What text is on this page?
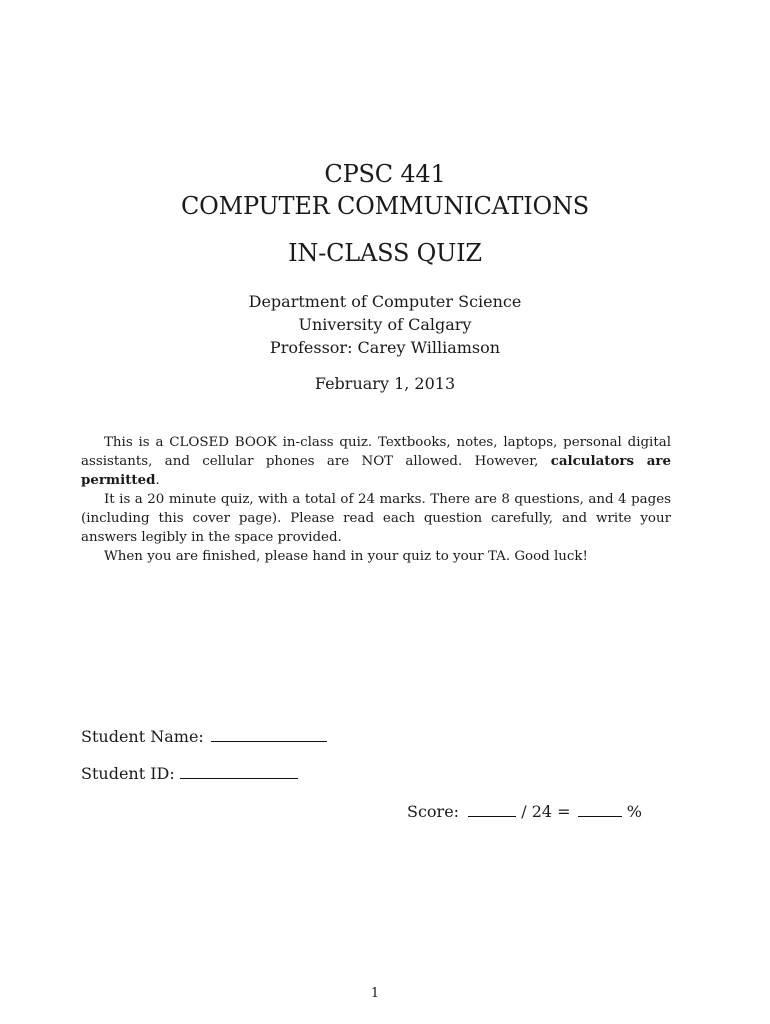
CPSC 441
COMPUTER COMMUNICATIONS
IN-CLASS QUIZ
Department of Computer Science
University of Calgary
Professor: Carey Williamson
February 1, 2013

This is a CLOSED BOOK in-class quiz. Textbooks, notes, laptops, personal digital assistants, and cellular phones are NOT allowed. However, calculators are permitted.

It is a 20 minute quiz, with a total of 24 marks. There are 8 questions, and 4 pages (including this cover page). Please read each question carefully, and write your answers legibly in the space provided.

When you are finished, please hand in your quiz to your TA. Good luck!

Student Name:
Student ID:
Score:	/ 24 =	%
1
